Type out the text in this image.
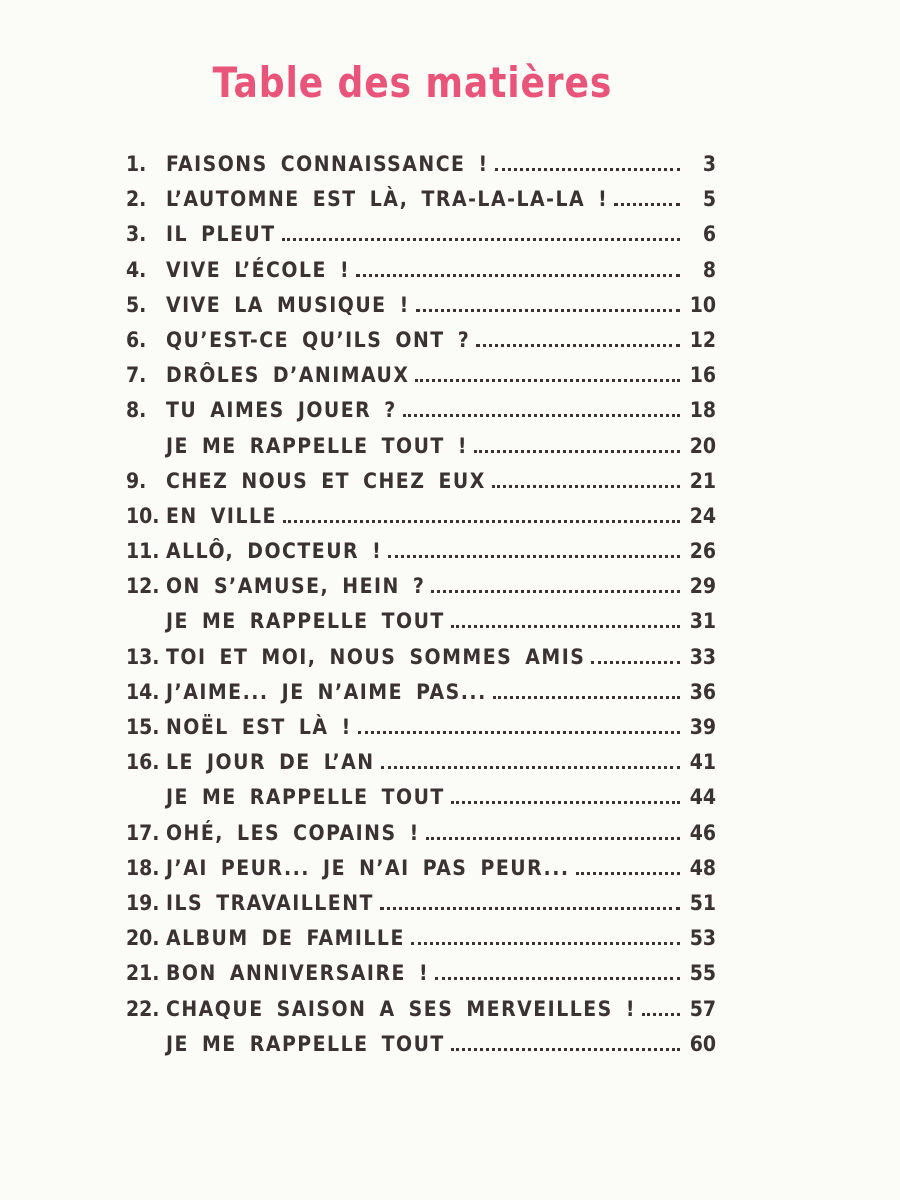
Table des matières
1. FAISONS CONNAISSANCE !	3
2. L’AUTOMNE EST LÀ, TRA-LA-LA-LA !	5
3. IL PLEUT	6
4. VIVE L’ÉCOLE !	8
5. VIVE LA MUSIQUE !	10
6. QU’EST-CE QU’ILS ONT ?	12
7. DRÔLES D’ANIMAUX	16
8. TU AIMES JOUER ?	18
JE ME RAPPELLE TOUT !	20
9. CHEZ NOUS ET CHEZ EUX	21
10. EN VILLE	24
11. ALLÔ, DOCTEUR !	26
12. ON S’AMUSE, HEIN ?	29
JE ME RAPPELLE TOUT	31
13. TOI ET MOI, NOUS SOMMES AMIS	33
14. J’AIME... JE N’AIME PAS...	36
15. NOËL EST LÀ !	39
16. LE JOUR DE L’AN	41
JE ME RAPPELLE TOUT	44
17. OHÉ, LES COPAINS !	46
18. J’AI PEUR... JE N’AI PAS PEUR...	48
19. ILS TRAVAILLENT	51
20. ALBUM DE FAMILLE	53
21. BON ANNIVERSAIRE !	55
22. CHAQUE SAISON A SES MERVEILLES !	57
JE ME RAPPELLE TOUT	60
